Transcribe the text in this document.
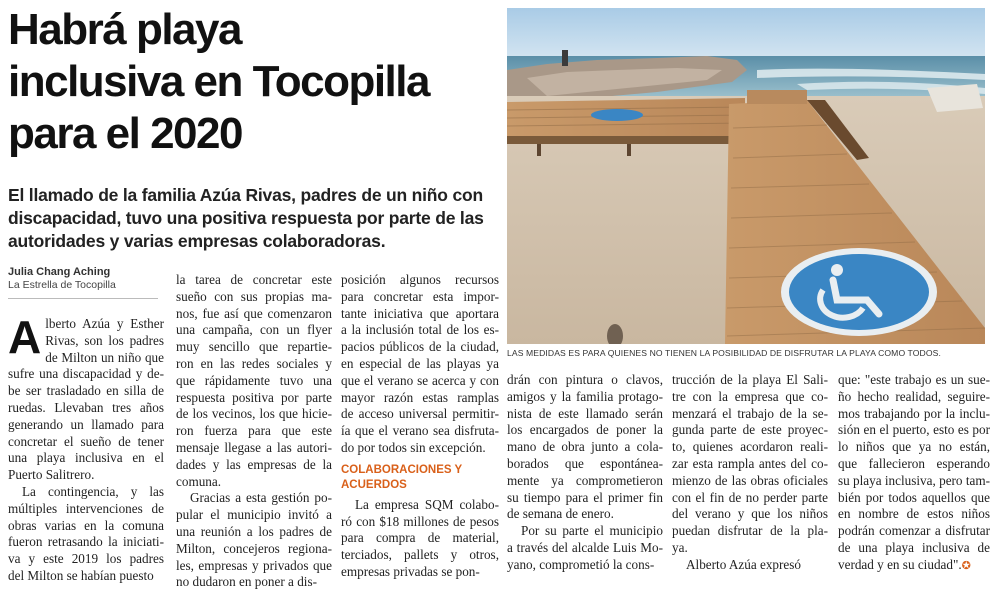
Habrá playa
inclusiva en Tocopilla
para el 2020

El llamado de la familia Azúa Rivas, padres de un niño con
discapacidad, tuvo una positiva respuesta por parte de las
autoridades y varias empresas colaboradoras.

Julia Chang Aching
La Estrella de Tocopilla

A lberto Azúa y Esther
Rivas, son los padres
de Milton un niño que
sufre una discapacidad y de-
be ser trasladado en silla de
ruedas. Llevaban tres años
generando un llamado para
concretar el sueño de tener
una playa inclusiva en el
Puerto Salitrero.

La contingencia, y las
múltiples intervenciones de
obras varias en la comuna
fueron retrasando la iniciati-
va y este 2019 los padres
del Milton se habían puesto

la tarea de concretar este
sueño con sus propias ma-
nos, fue así que comenzaron
una campaña, con un flyer
muy sencillo que repartie-
ron en las redes sociales y
que rápidamente tuvo una
respuesta positiva por parte
de los vecinos, los que hicie-
ron fuerza para que este
mensaje llegase a las autori-
dades y las empresas de la
comuna.

Gracias a esta gestión po-
pular el municipio invitó a
una reunión a los padres de
Milton, concejeros regiona-
les, empresas y privados que
no dudaron en poner a dis-

posición algunos recursos
para concretar esta impor-
tante iniciativa que aportara
a la inclusión total de los es-
pacios públicos de la ciudad,
en especial de las playas ya
que el verano se acerca y con
mayor razón estas ramplas
de acceso universal permitir-
ía que el verano sea disfruta-
do por todos sin excepción.

COLABORACIONES Y
ACUERDOS

La empresa SQM colabo-
ró con $18 millones de pesos
para compra de material,
terciados, pallets y otros,
empresas privadas se pon-

drán con pintura o clavos,
amigos y la familia protago-
nista de este llamado serán
los encargados de poner la
mano de obra junto a cola-
borados que espontánea-
mente ya comprometieron
su tiempo para el primer fin
de semana de enero.

Por su parte el municipio
a través del alcalde Luis Mo-
yano, comprometió la cons-

trucción de la playa El Sali-
tre con la empresa que co-
menzará el trabajo de la se-
gunda parte de este proyec-
to, quienes acordaron reali-
zar esta rampla antes del co-
mienzo de las obras oficiales
con el fin de no perder parte
del verano y que los niños
puedan disfrutar de la pla-
ya.

Alberto Azúa expresó

que: "este trabajo es un sue-
ño hecho realidad, seguire-
mos trabajando por la inclu-
sión en el puerto, esto es por
lo niños que ya no están,
que fallecieron esperando
su playa inclusiva, pero tam-
bién por todos aquellos que
en nombre de estos niños
podrán comenzar a disfrutar
de una playa inclusiva de
verdad y en su ciudad".✪

LAS MEDIDAS ES PARA QUIENES NO TIENEN LA POSIBILIDAD DE DISFRUTAR LA PLAYA COMO TODOS.
